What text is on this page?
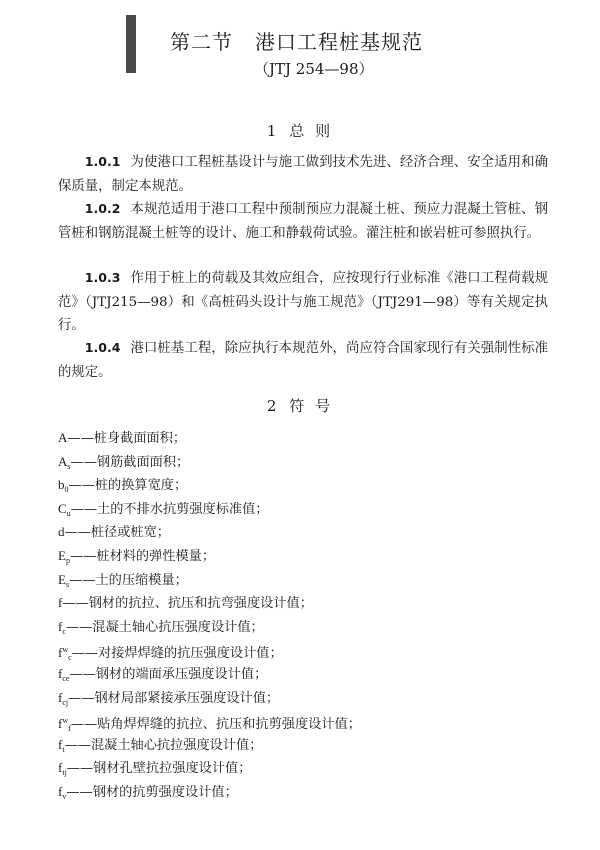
第二节 港口工程桩基规范
（JTJ 254—98）
1 总 则
1.0.1 为使港口工程桩基设计与施工做到技术先进、经济合理、安全适用和确保质量，制定本规范。
1.0.2 本规范适用于港口工程中预制预应力混凝土桩、预应力混凝土管桩、钢管桩和钢筋混凝土桩等的设计、施工和静载荷试验。灌注桩和嵌岩桩可参照执行。
1.0.3 作用于桩上的荷载及其效应组合，应按现行行业标准《港口工程荷载规范》（JTJ215—98）和《高桩码头设计与施工规范》（JTJ291—98）等有关规定执行。
1.0.4 港口桩基工程，除应执行本规范外，尚应符合国家现行有关强制性标准的规定。
2 符 号
A——桩身截面面积；
$A_s——$钢筋截面面积；
$b_0——$桩的换算宽度；
$C_u——$土的不排水抗剪强度标准值；
d——桩径或桩宽；
$E_p——$桩材料的弹性模量；
$E_s——$土的压缩模量；
f——钢材的抗拉、抗压和抗弯强度设计值；
$f_c——$混凝土轴心抗压强度设计值；
$f^w_c——$对接焊焊缝的抗压强度设计值；
$f_{ce}——$钢材的端面承压强度设计值；
$f_{cj}——$钢材局部紧接承压强度设计值；
$f^w_f——$贴角焊焊缝的抗拉、抗压和抗剪强度设计值；
$f_t——$混凝土轴心抗拉强度设计值；
$f_{tj}——$钢材孔壁抗拉强度设计值；
$f_v——$钢材的抗剪强度设计值；
